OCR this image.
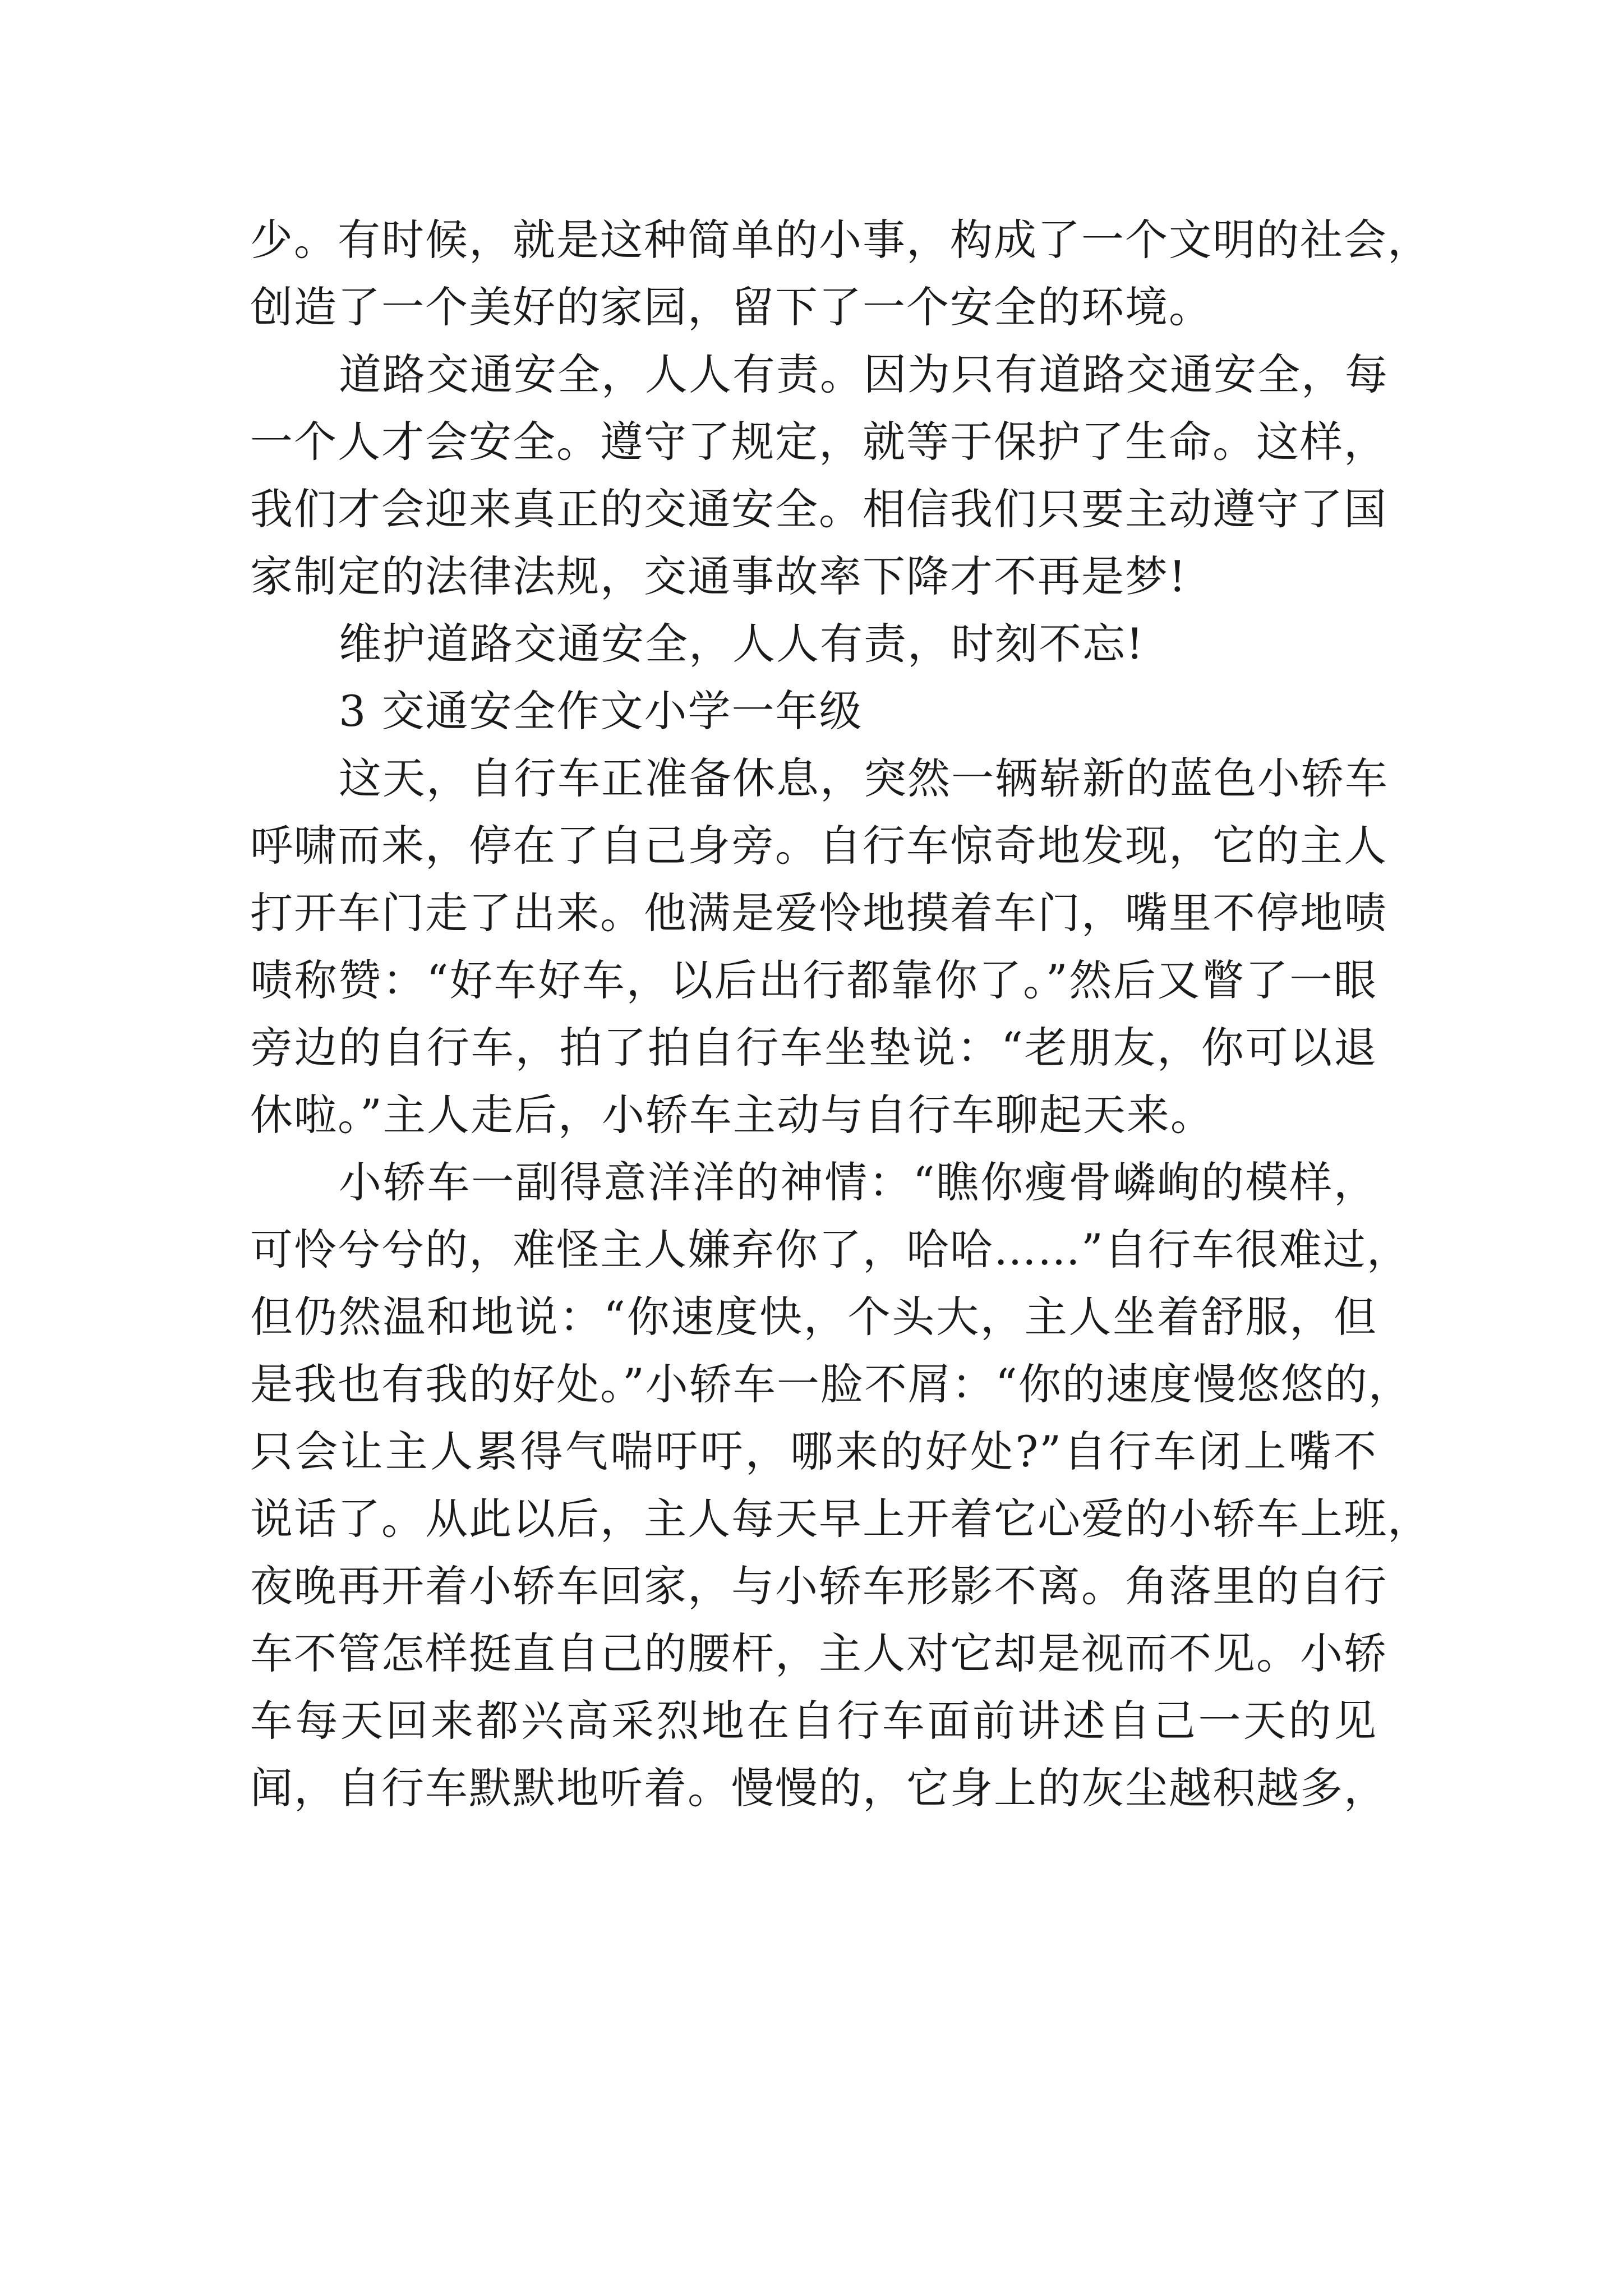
少。有时候，就是这种简单的小事，构成了一个文明的社会，
创造了一个美好的家园，留下了一个安全的环境。
道路交通安全，人人有责。因为只有道路交通安全，每
一个人才会安全。遵守了规定，就等于保护了生命。这样，
我们才会迎来真正的交通安全。相信我们只要主动遵守了国
家制定的法律法规，交通事故率下降才不再是梦!
维护道路交通安全，人人有责，时刻不忘!
3 交通安全作文小学一年级
这天，自行车正准备休息，突然一辆崭新的蓝色小轿车
呼啸而来，停在了自己身旁。自行车惊奇地发现，它的主人
打开车门走了出来。他满是爱怜地摸着车门，嘴里不停地啧
啧称赞：“好车好车，以后出行都靠你了。”然后又瞥了一眼
旁边的自行车，拍了拍自行车坐垫说：“老朋友，你可以退
休啦。”主人走后，小轿车主动与自行车聊起天来。
小轿车一副得意洋洋的神情：“瞧你瘦骨嶙峋的模样，
可怜兮兮的，难怪主人嫌弃你了，哈哈……”自行车很难过，
但仍然温和地说：“你速度快，个头大，主人坐着舒服，但
是我也有我的好处。”小轿车一脸不屑：“你的速度慢悠悠的，
只会让主人累得气喘吁吁，哪来的好处?”自行车闭上嘴不
说话了。从此以后，主人每天早上开着它心爱的小轿车上班，
夜晚再开着小轿车回家，与小轿车形影不离。角落里的自行
车不管怎样挺直自己的腰杆，主人对它却是视而不见。小轿
车每天回来都兴高采烈地在自行车面前讲述自己一天的见
闻，自行车默默地听着。慢慢的，它身上的灰尘越积越多，
